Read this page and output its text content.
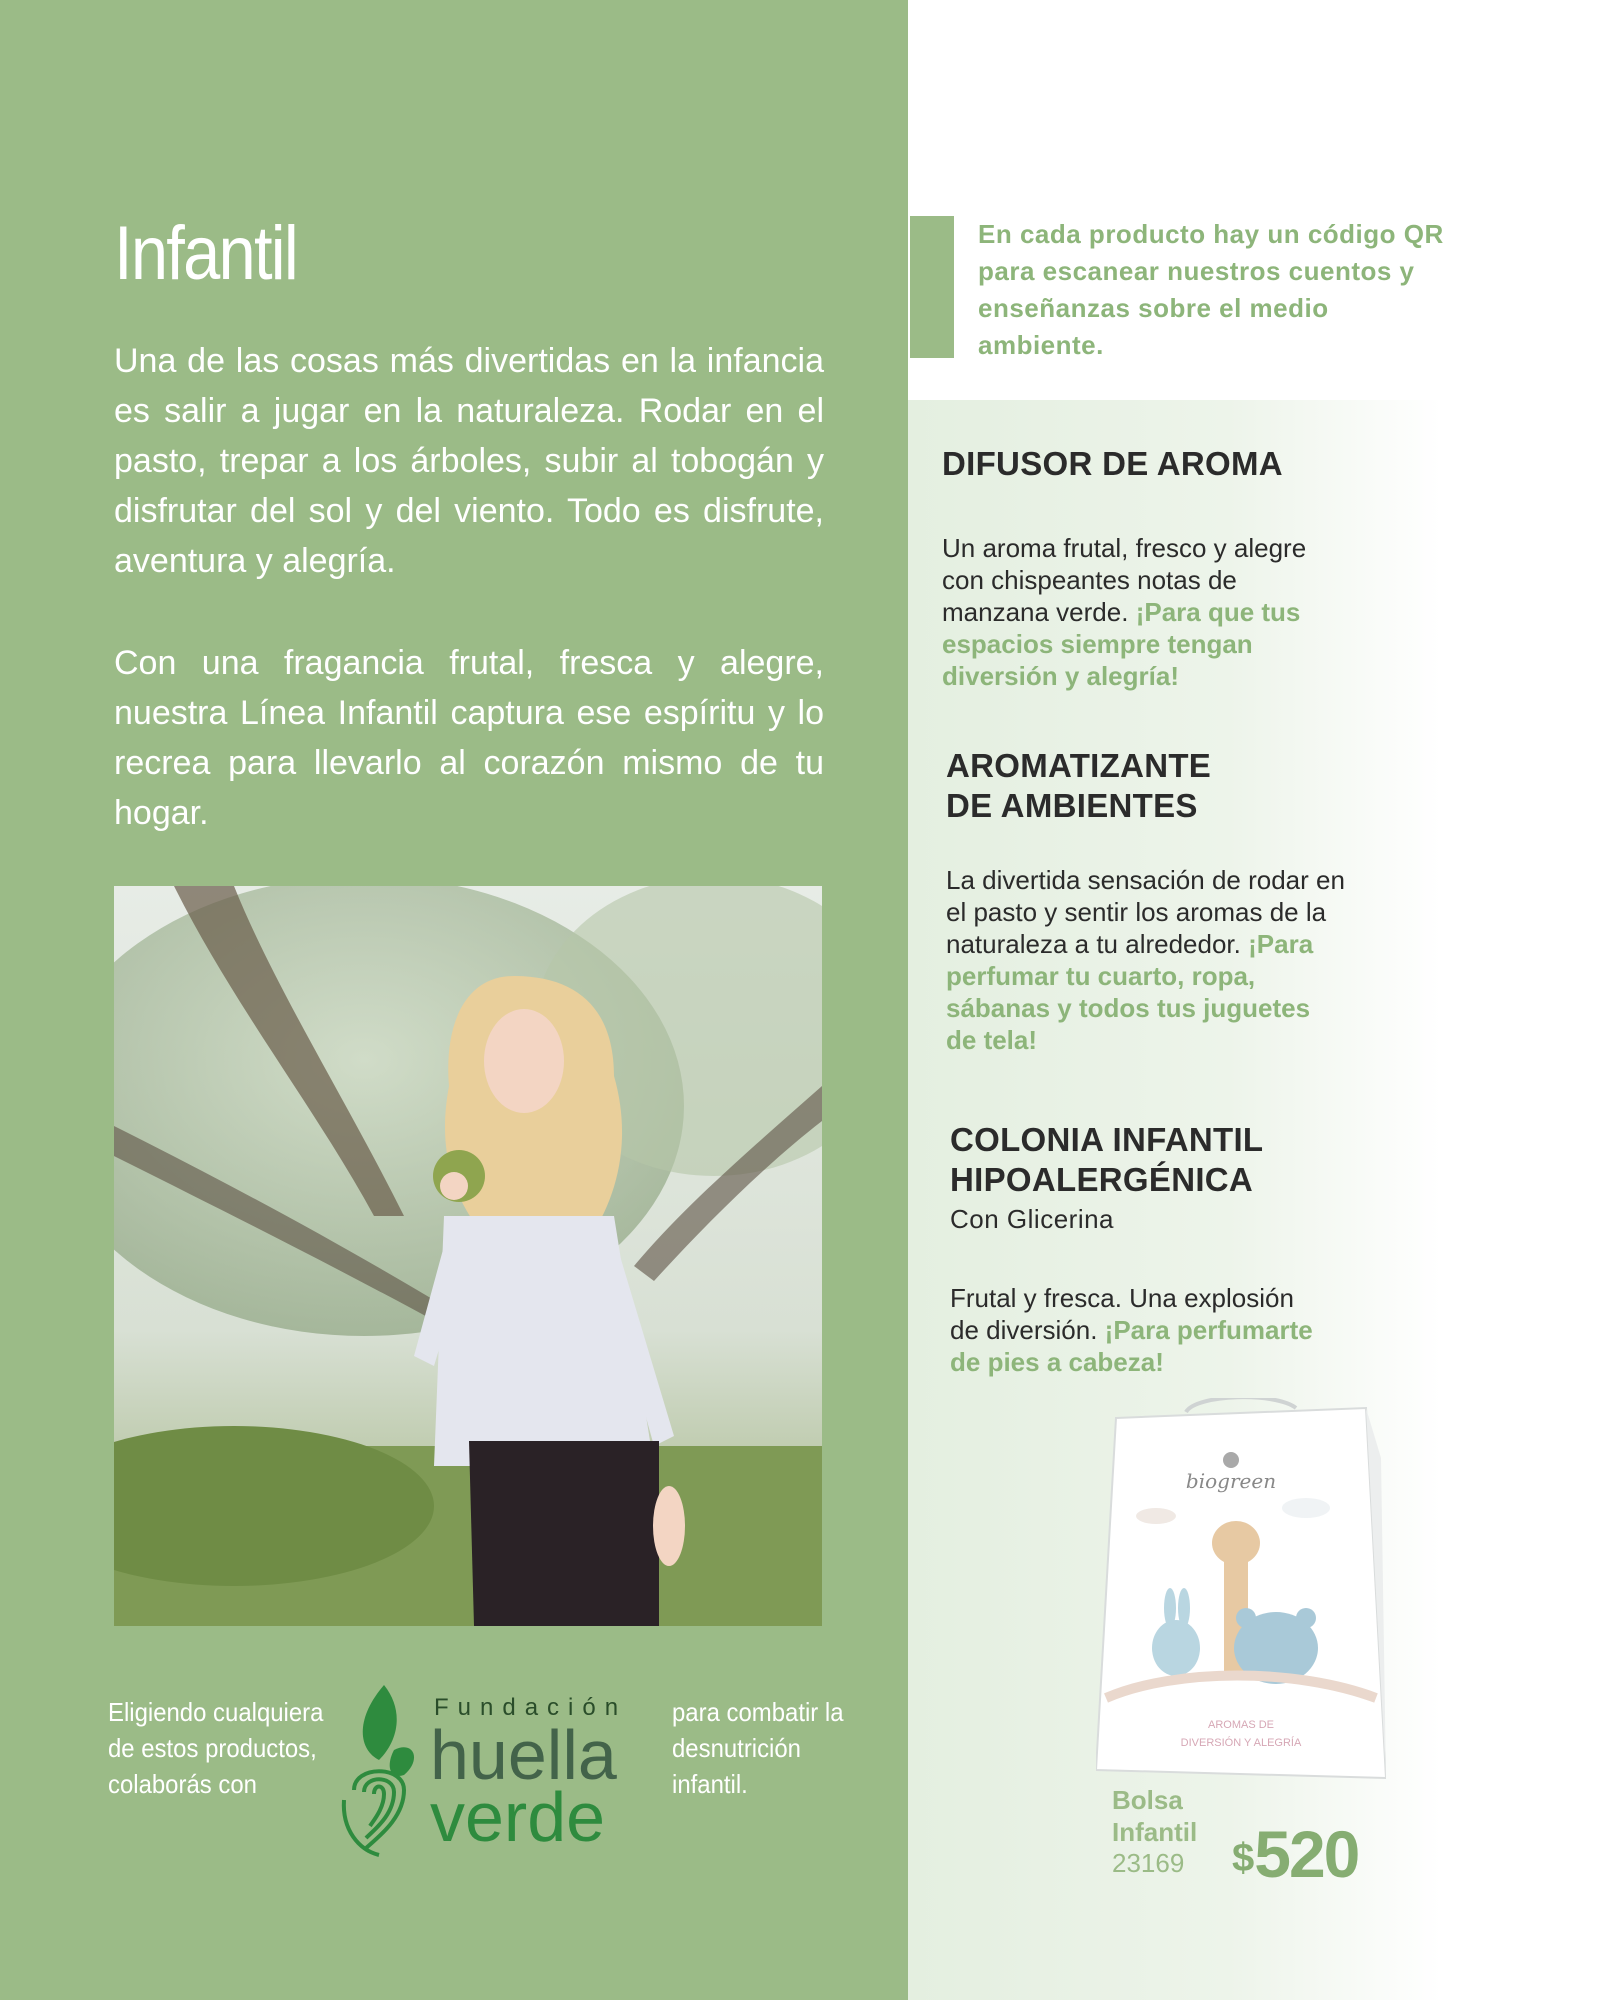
Infantil
Una de las cosas más divertidas en la infancia es salir a jugar en la naturaleza. Rodar en el pasto, trepar a los árboles, subir al tobogán y disfrutar del sol y del viento. Todo es disfrute, aventura y alegría.
Con una fragancia frutal, fresca y alegre, nuestra Línea Infantil captura ese espíritu y lo recrea para llevarlo al corazón mismo de tu hogar.
Eligiendo cualquiera de estos productos, colaborás con
Fundación
huella
verde
para combatir la desnutrición infantil.
En cada producto hay un código QR para escanear nuestros cuentos y enseñanzas sobre el medio ambiente.
DIFUSOR DE AROMA
Un aroma frutal, fresco y alegre con chispeantes notas de manzana verde. ¡Para que tus espacios siempre tengan diversión y alegría!
AROMATIZANTE
DE AMBIENTES
La divertida sensación de rodar en el pasto y sentir los aromas de la naturaleza a tu alrededor. ¡Para perfumar tu cuarto, ropa, sábanas y todos tus juguetes de tela!
COLONIA INFANTIL
HIPOALERGÉNICA
Con Glicerina
Frutal y fresca. Una explosión de diversión. ¡Para perfumarte de pies a cabeza!
biogreen
AROMAS DE
DIVERSIÓN Y ALEGRÍA
Bolsa
Infantil
23169 $520
